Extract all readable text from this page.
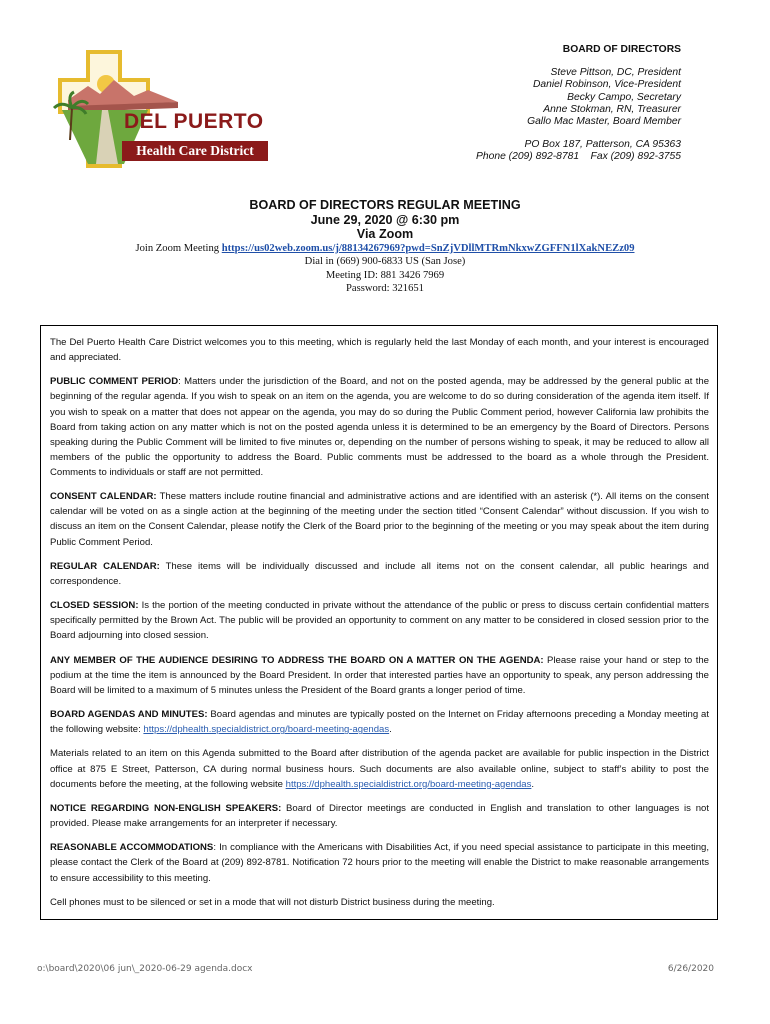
DEL PUERTO
Health Care District
BOARD OF DIRECTORS
Steve Pittson, DC, President
Daniel Robinson, Vice-President
Becky Campo, Secretary
Anne Stokman, RN, Treasurer
Gallo Mac Master, Board Member
PO Box 187, Patterson, CA 95363
Phone (209) 892-8781 Fax (209) 892-3755
BOARD OF DIRECTORS REGULAR MEETING
June 29, 2020 @ 6:30 pm
Via Zoom
Join Zoom Meeting https://us02web.zoom.us/j/88134267969?pwd=SnZjVDllMTRmNkxwZGFFN1lXakNEZz09
Dial in (669) 900-6833 US (San Jose)
Meeting ID: 881 3426 7969
Password: 321651

The Del Puerto Health Care District welcomes you to this meeting, which is regularly held the last Monday of each month, and your interest is encouraged and appreciated.

PUBLIC COMMENT PERIOD: Matters under the jurisdiction of the Board, and not on the posted agenda, may be addressed by the general public at the beginning of the regular agenda. If you wish to speak on an item on the agenda, you are welcome to do so during consideration of the agenda item itself. If you wish to speak on a matter that does not appear on the agenda, you may do so during the Public Comment period, however California law prohibits the Board from taking action on any matter which is not on the posted agenda unless it is determined to be an emergency by the Board of Directors. Persons speaking during the Public Comment will be limited to five minutes or, depending on the number of persons wishing to speak, it may be reduced to allow all members of the public the opportunity to address the Board. Public comments must be addressed to the board as a whole through the President. Comments to individuals or staff are not permitted.

CONSENT CALENDAR: These matters include routine financial and administrative actions and are identified with an asterisk (*). All items on the consent calendar will be voted on as a single action at the beginning of the meeting under the section titled “Consent Calendar” without discussion. If you wish to discuss an item on the Consent Calendar, please notify the Clerk of the Board prior to the beginning of the meeting or you may speak about the item during Public Comment Period.

REGULAR CALENDAR: These items will be individually discussed and include all items not on the consent calendar, all public hearings and correspondence.

CLOSED SESSION: Is the portion of the meeting conducted in private without the attendance of the public or press to discuss certain confidential matters specifically permitted by the Brown Act. The public will be provided an opportunity to comment on any matter to be considered in closed session prior to the Board adjourning into closed session.

ANY MEMBER OF THE AUDIENCE DESIRING TO ADDRESS THE BOARD ON A MATTER ON THE AGENDA: Please raise your hand or step to the podium at the time the item is announced by the Board President. In order that interested parties have an opportunity to speak, any person addressing the Board will be limited to a maximum of 5 minutes unless the President of the Board grants a longer period of time.

BOARD AGENDAS AND MINUTES: Board agendas and minutes are typically posted on the Internet on Friday afternoons preceding a Monday meeting at the following website: https://dphealth.specialdistrict.org/board-meeting-agendas.

Materials related to an item on this Agenda submitted to the Board after distribution of the agenda packet are available for public inspection in the District office at 875 E Street, Patterson, CA during normal business hours. Such documents are also available online, subject to staff’s ability to post the documents before the meeting, at the following website https://dphealth.specialdistrict.org/board-meeting-agendas.

NOTICE REGARDING NON-ENGLISH SPEAKERS: Board of Director meetings are conducted in English and translation to other languages is not provided. Please make arrangements for an interpreter if necessary.

REASONABLE ACCOMMODATIONS: In compliance with the Americans with Disabilities Act, if you need special assistance to participate in this meeting, please contact the Clerk of the Board at (209) 892-8781. Notification 72 hours prior to the meeting will enable the District to make reasonable arrangements to ensure accessibility to this meeting.

Cell phones must to be silenced or set in a mode that will not disturb District business during the meeting.

o:\board\2020\06 jun\_2020-06-29 agenda.docx	6/26/2020
